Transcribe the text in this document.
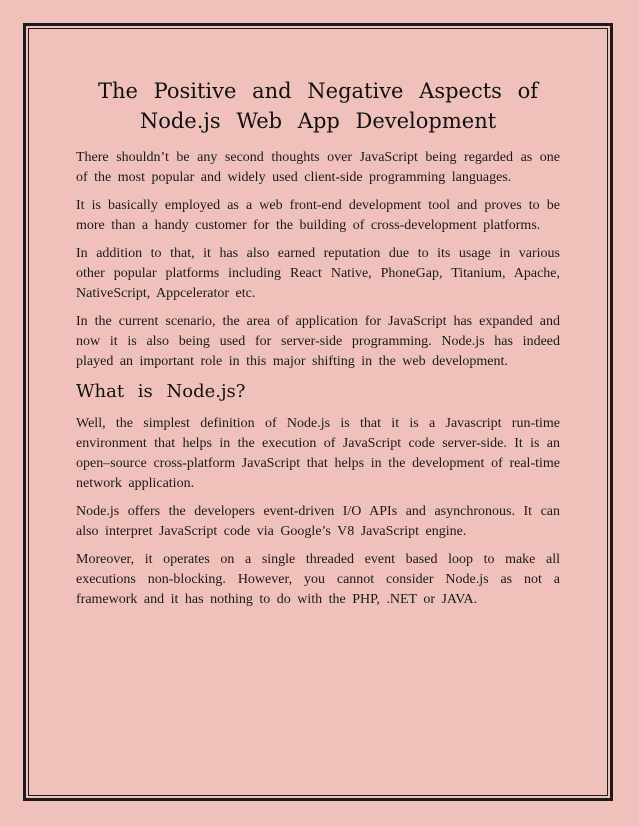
The Positive and Negative Aspects of Node.js Web App Development

There shouldn’t be any second thoughts over JavaScript being regarded as one of the most popular and widely used client-side programming languages.

It is basically employed as a web front-end development tool and proves to be more than a handy customer for the building of cross-development platforms.

In addition to that, it has also earned reputation due to its usage in various other popular platforms including React Native, PhoneGap, Titanium, Apache, NativeScript, Appcelerator etc.

In the current scenario, the area of application for JavaScript has expanded and now it is also being used for server-side programming. Node.js has indeed played an important role in this major shifting in the web development.

What is Node.js?

Well, the simplest definition of Node.js is that it is a Javascript run-time environment that helps in the execution of JavaScript code server-side. It is an open–source cross-platform JavaScript that helps in the development of real-time network application.

Node.js offers the developers event-driven I/O APIs and asynchronous. It can also interpret JavaScript code via Google’s V8 JavaScript engine.

Moreover, it operates on a single threaded event based loop to make all executions non-blocking. However, you cannot consider Node.js as not a framework and it has nothing to do with the PHP, .NET or JAVA.
